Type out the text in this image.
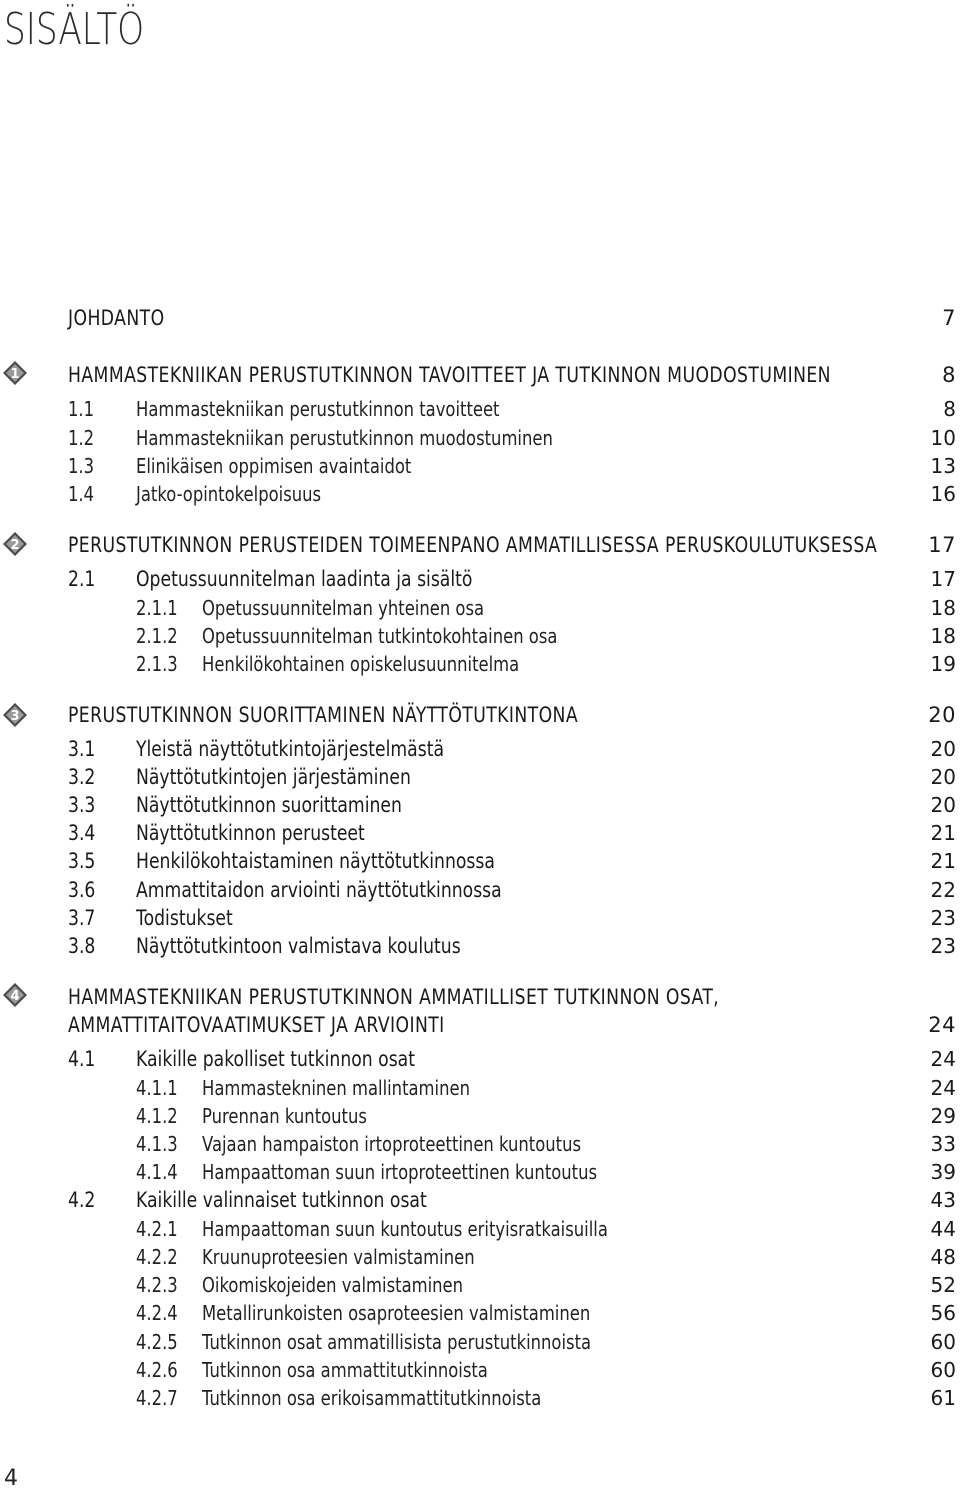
SISÄLTÖ
1
2
3
4
JOHDANTO	7
HAMMASTEKNIIKAN PERUSTUTKINNON TAVOITTEET JA TUTKINNON MUODOSTUMINEN	8
1.1 Hammastekniikan perustutkinnon tavoitteet	8
1.2 Hammastekniikan perustutkinnon muodostuminen	10
1.3 Elinikäisen oppimisen avaintaidot	13
1.4 Jatko-opintokelpoisuus	16
PERUSTUTKINNON PERUSTEIDEN TOIMEENPANO AMMATILLISESSA PERUSKOULUTUKSESSA	17
2.1 Opetussuunnitelman laadinta ja sisältö	17
2.1.1	Opetussuunnitelman yhteinen osa	18
2.1.2	Opetussuunnitelman tutkintokohtainen osa	18
2.1.3	Henkilökohtainen opiskelusuunnitelma	19
PERUSTUTKINNON SUORITTAMINEN NÄYTTÖTUTKINTONA	20
3.1 Yleistä näyttötutkintojärjestelmästä	20
3.2 Näyttötutkintojen järjestäminen	20
3.3 Näyttötutkinnon suorittaminen	20
3.4 Näyttötutkinnon perusteet	21
3.5 Henkilökohtaistaminen näyttötutkinnossa	21
3.6 Ammattitaidon arviointi näyttötutkinnossa	22
3.7 Todistukset	23
3.8 Näyttötutkintoon valmistava koulutus	23
HAMMASTEKNIIKAN PERUSTUTKINNON AMMATILLISET TUTKINNON OSAT,
AMMATTITAITOVAATIMUKSET JA ARVIOINTI	24
4.1 Kaikille pakolliset tutkinnon osat	24
4.1.1	Hammastekninen mallintaminen	24
4.1.2	Purennan kuntoutus	29
4.1.3	Vajaan hampaiston irtoproteettinen kuntoutus	33
4.1.4	Hampaattoman suun irtoproteettinen kuntoutus	39
4.2 Kaikille valinnaiset tutkinnon osat	43
4.2.1	Hampaattoman suun kuntoutus erityisratkaisuilla	44
4.2.2	Kruunuproteesien valmistaminen	48
4.2.3	Oikomiskojeiden valmistaminen	52
4.2.4	Metallirunkoisten osaproteesien valmistaminen	56
4.2.5	Tutkinnon osat ammatillisista perustutkinnoista	60
4.2.6	Tutkinnon osa ammattitutkinnoista	60
4.2.7	Tutkinnon osa erikoisammattitutkinnoista	61
4
